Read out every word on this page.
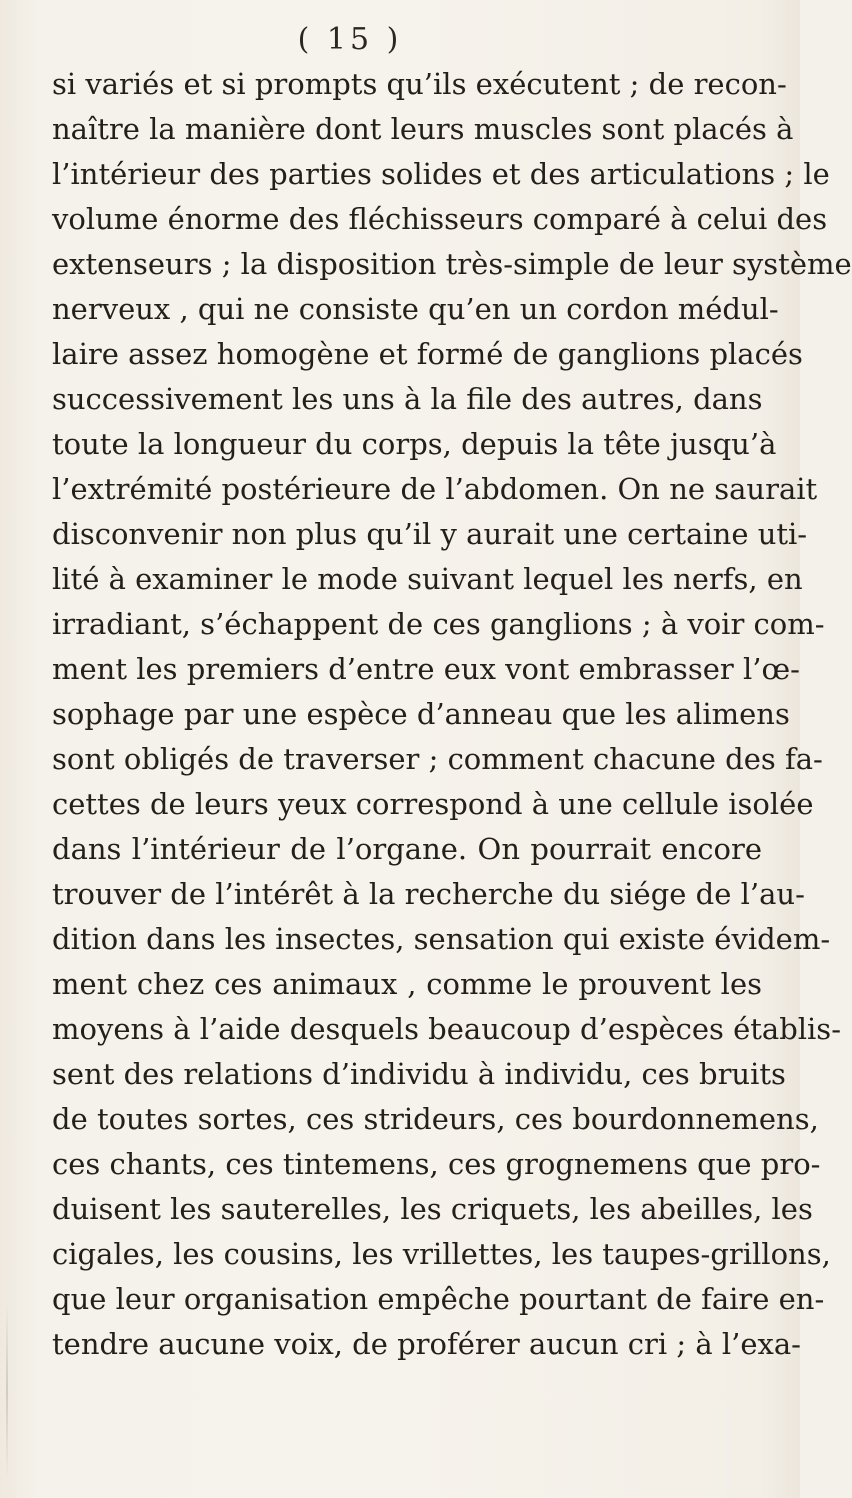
( 15 )
si variés et si prompts qu’ils exécutent ; de recon-
naître la manière dont leurs muscles sont placés à
l’intérieur des parties solides et des articulations ; le
volume énorme des fléchisseurs comparé à celui des
extenseurs ; la disposition très-simple de leur système
nerveux , qui ne consiste qu’en un cordon médul-
laire assez homogène et formé de ganglions placés
successivement les uns à la file des autres, dans
toute la longueur du corps, depuis la tête jusqu’à
l’extrémité postérieure de l’abdomen. On ne saurait
disconvenir non plus qu’il y aurait une certaine uti-
lité à examiner le mode suivant lequel les nerfs, en
irradiant, s’échappent de ces ganglions ; à voir com-
ment les premiers d’entre eux vont embrasser l’œ-
sophage par une espèce d’anneau que les alimens
sont obligés de traverser ; comment chacune des fa-
cettes de leurs yeux correspond à une cellule isolée
dans l’intérieur de l’organe. On pourrait encore
trouver de l’intérêt à la recherche du siége de l’au-
dition dans les insectes, sensation qui existe évidem-
ment chez ces animaux , comme le prouvent les
moyens à l’aide desquels beaucoup d’espèces établis-
sent des relations d’individu à individu, ces bruits
de toutes sortes, ces strideurs, ces bourdonnemens,
ces chants, ces tintemens, ces grognemens que pro-
duisent les sauterelles, les criquets, les abeilles, les
cigales, les cousins, les vrillettes, les taupes-grillons,
que leur organisation empêche pourtant de faire en-
tendre aucune voix, de proférer aucun cri ; à l’exa-
